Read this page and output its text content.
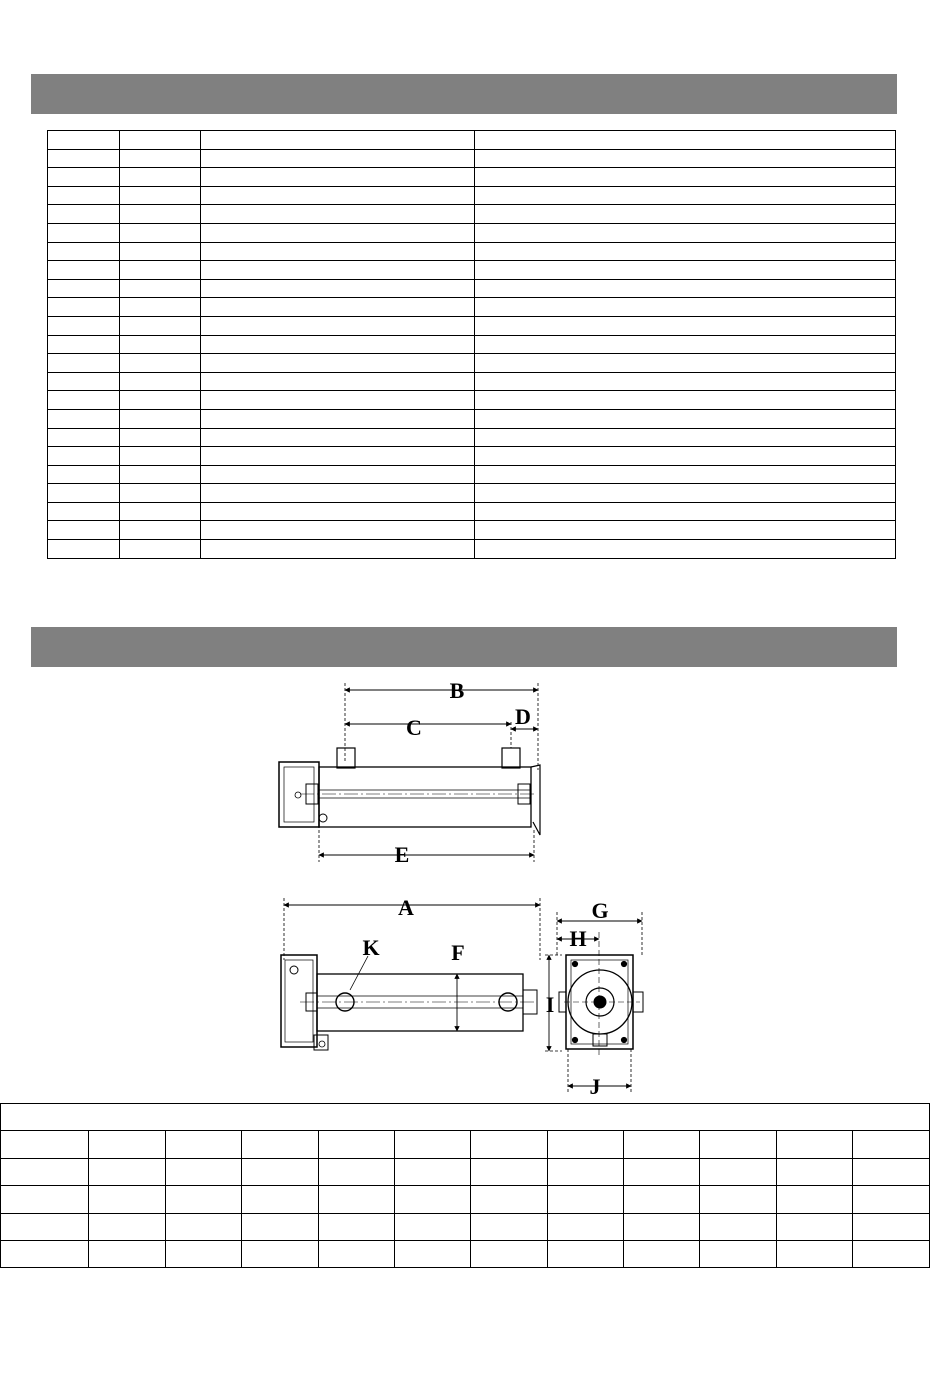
B
C	D
E
A	G
H
K	F
I
J
